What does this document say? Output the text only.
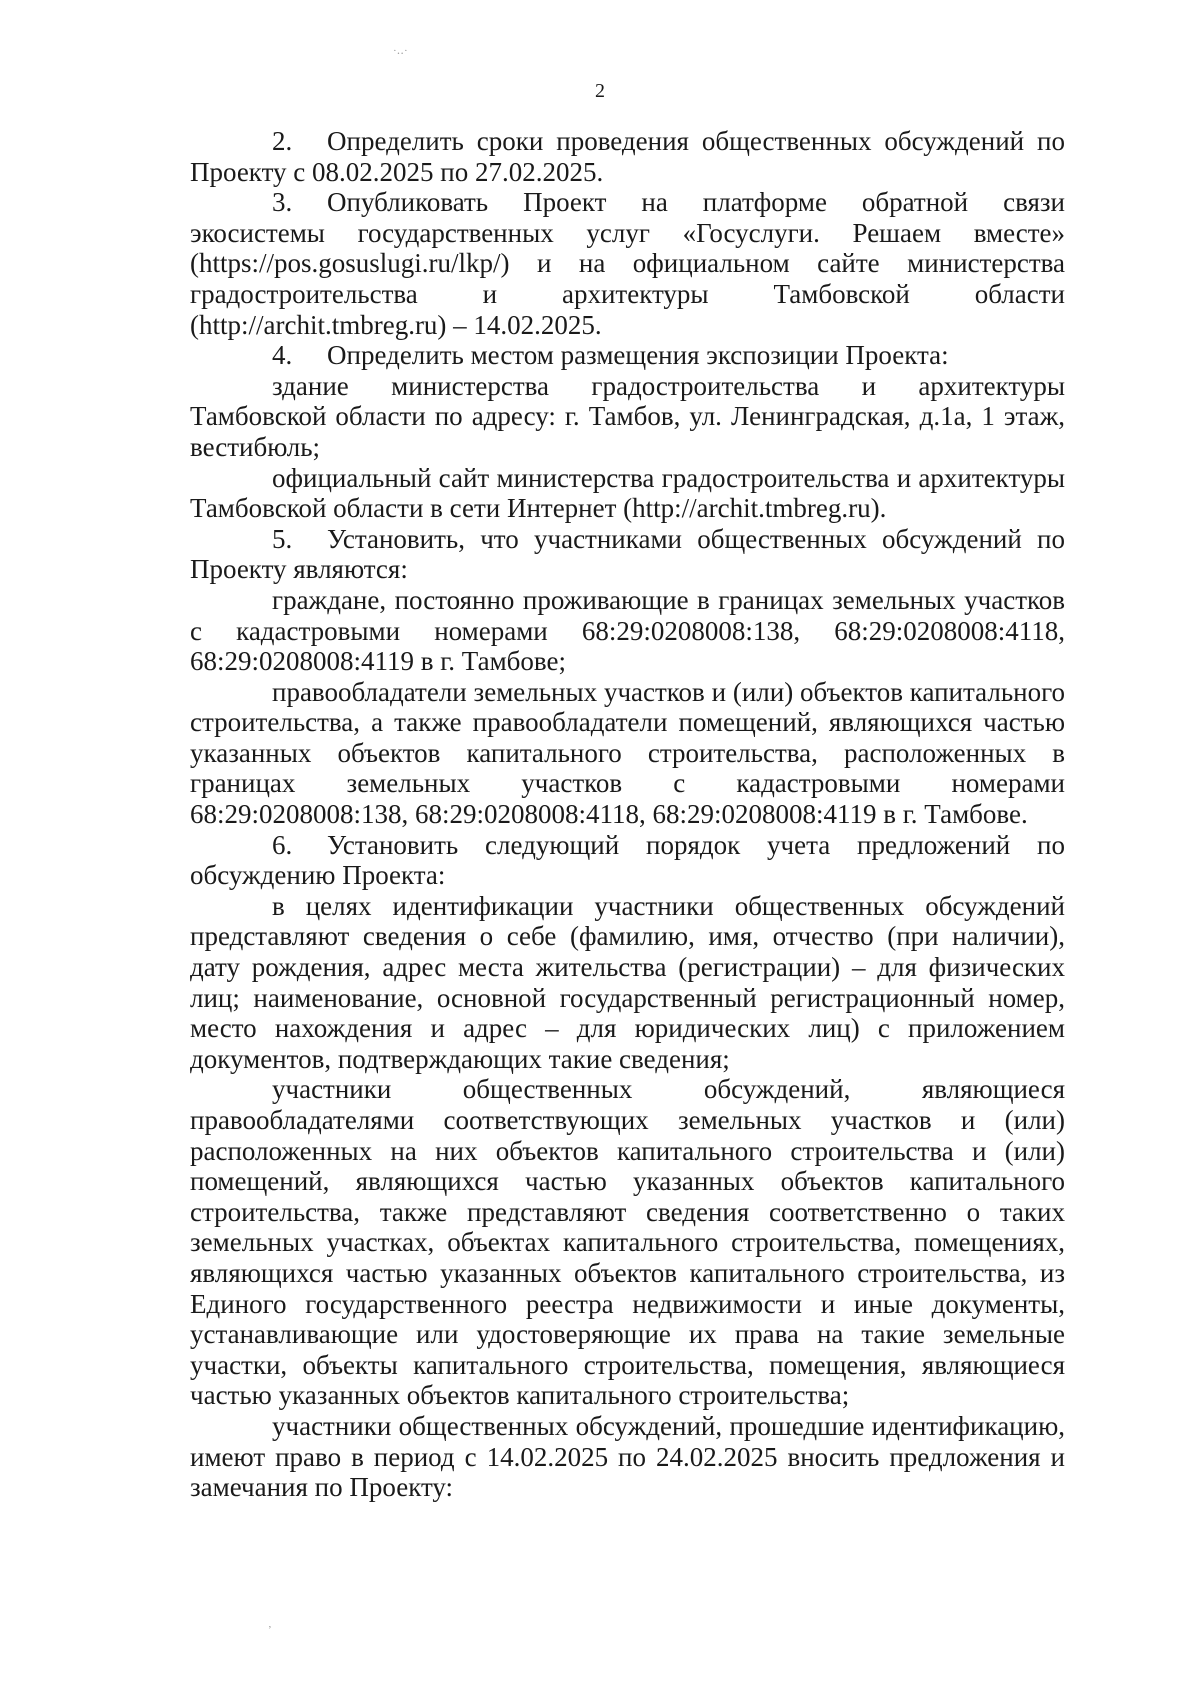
·‥·
2

2. Определить сроки проведения общественных обсуждений по Проекту с 08.02.2025 по 27.02.2025.

3. Опубликовать Проект на платформе обратной связи экосистемы государственных услуг «Госуслуги. Решаем вместе» (https://pos.gosuslugi.ru/lkp/) и на официальном сайте министерства градостроительства и архитектуры Тамбовской области (http://archit.tmbreg.ru) – 14.02.2025.

4. Определить местом размещения экспозиции Проекта:

здание министерства градостроительства и архитектуры Тамбовской области по адресу: г. Тамбов, ул. Ленинградская, д.1а, 1 этаж, вестибюль;

официальный сайт министерства градостроительства и архитектуры Тамбовской области в сети Интернет (http://archit.tmbreg.ru).

5. Установить, что участниками общественных обсуждений по Проекту являются:

граждане, постоянно проживающие в границах земельных участков с кадастровыми номерами 68:29:0208008:138, 68:29:0208008:4118, 68:29:0208008:4119 в г. Тамбове;

правообладатели земельных участков и (или) объектов капитального строительства, а также правообладатели помещений, являющихся частью указанных объектов капитального строительства, расположенных в границах земельных участков с кадастровыми номерами 68:29:0208008:138, 68:29:0208008:4118, 68:29:0208008:4119 в г. Тамбове.

6. Установить следующий порядок учета предложений по обсуждению Проекта:

в целях идентификации участники общественных обсуждений представляют сведения о себе (фамилию, имя, отчество (при наличии), дату рождения, адрес места жительства (регистрации) – для физических лиц; наименование, основной государственный регистрационный номер, место нахождения и адрес – для юридических лиц) с приложением документов, подтверждающих такие сведения;

участники общественных обсуждений, являющиеся правообладателями соответствующих земельных участков и (или) расположенных на них объектов капитального строительства и (или) помещений, являющихся частью указанных объектов капитального строительства, также представляют сведения соответственно о таких земельных участках, объектах капитального строительства, помещениях, являющихся частью указанных объектов капитального строительства, из Единого государственного реестра недвижимости и иные документы, устанавливающие или удостоверяющие их права на такие земельные участки, объекты капитального строительства, помещения, являющиеся частью указанных объектов капитального строительства;

участники общественных обсуждений, прошедшие идентификацию, имеют право в период с 14.02.2025 по 24.02.2025 вносить предложения и замечания по Проекту:

‚
